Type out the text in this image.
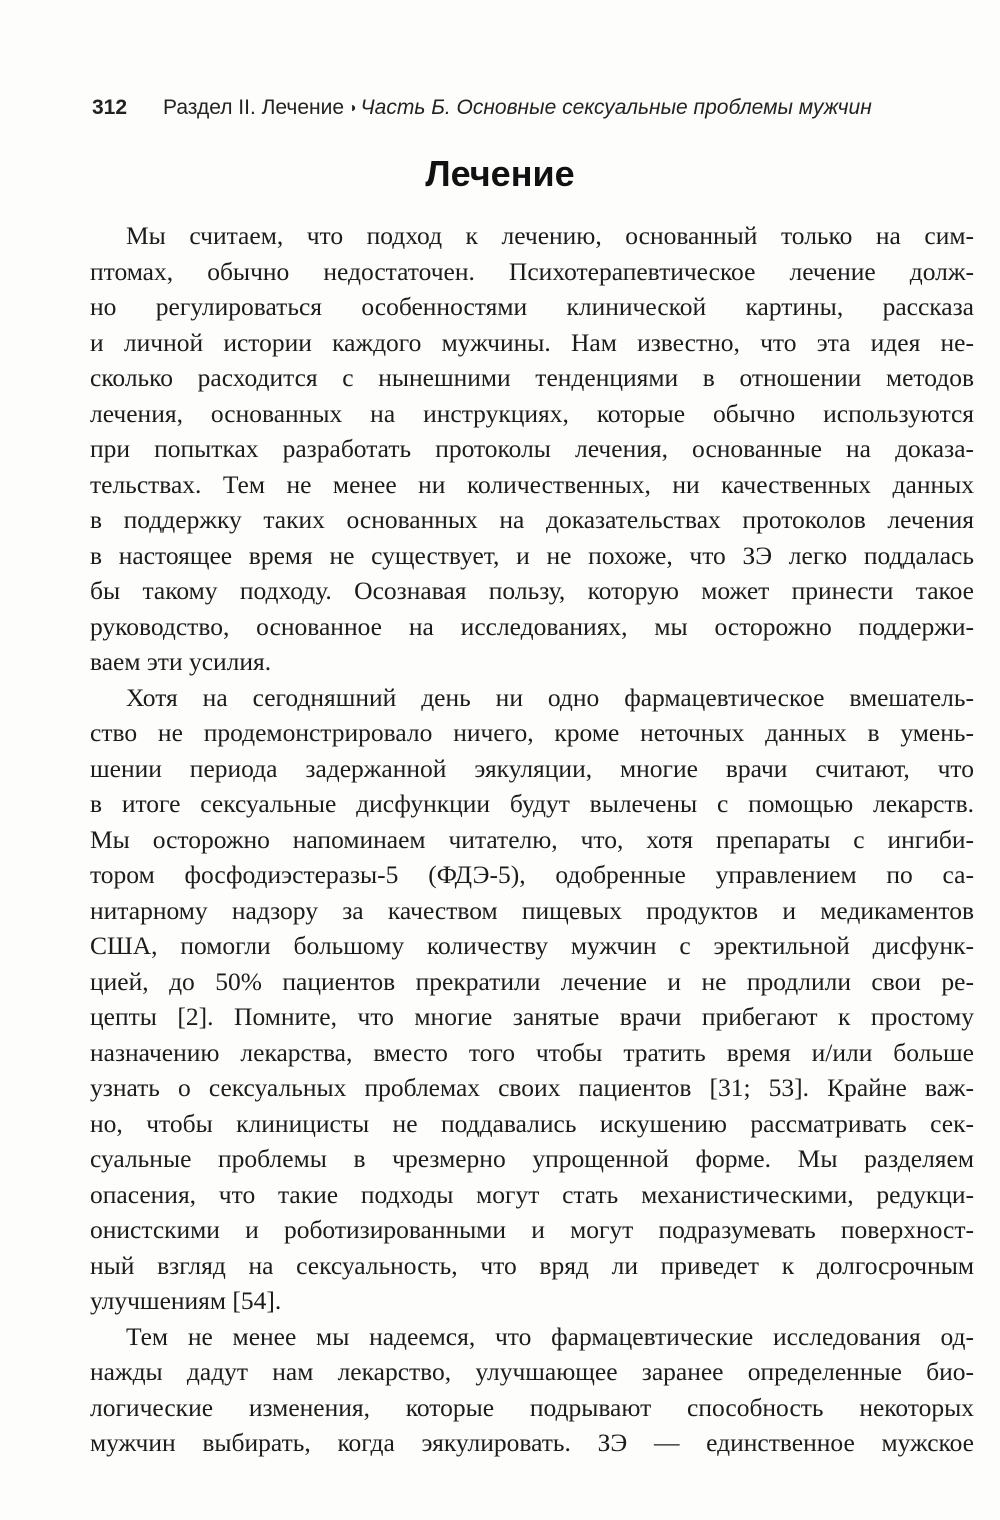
312 Раздел II. Лечение ◑ Часть Б. Основные сексуальные проблемы мужчин
Лечение

Мы считаем, что подход к лечению, основанный только на сим-
птомах, обычно недостаточен. Психотерапевтическое лечение долж-
но регулироваться особенностями клинической картины, рассказа
и личной истории каждого мужчины. Нам известно, что эта идея не-
сколько расходится с нынешними тенденциями в отношении методов
лечения, основанных на инструкциях, которые обычно используются
при попытках разработать протоколы лечения, основанные на доказа-
тельствах. Тем не менее ни количественных, ни качественных данных
в поддержку таких основанных на доказательствах протоколов лечения
в настоящее время не существует, и не похоже, что ЗЭ легко поддалась
бы такому подходу. Осознавая пользу, которую может принести такое
руководство, основанное на исследованиях, мы осторожно поддержи-
ваем эти усилия.

Хотя на сегодняшний день ни одно фармацевтическое вмешатель-
ство не продемонстрировало ничего, кроме неточных данных в умень-
шении периода задержанной эякуляции, многие врачи считают, что
в итоге сексуальные дисфункции будут вылечены с помощью лекарств.
Мы осторожно напоминаем читателю, что, хотя препараты с ингиби-
тором фосфодиэстеразы-5 (ФДЭ-5), одобренные управлением по са-
нитарному надзору за качеством пищевых продуктов и медикаментов
США, помогли большому количеству мужчин с эректильной дисфунк-
цией, до 50% пациентов прекратили лечение и не продлили свои ре-
цепты [2]. Помните, что многие занятые врачи прибегают к простому
назначению лекарства, вместо того чтобы тратить время и/или больше
узнать о сексуальных проблемах своих пациентов [31; 53]. Крайне важ-
но, чтобы клиницисты не поддавались искушению рассматривать сек-
суальные проблемы в чрезмерно упрощенной форме. Мы разделяем
опасения, что такие подходы могут стать механистическими, редукци-
онистскими и роботизированными и могут подразумевать поверхност-
ный взгляд на сексуальность, что вряд ли приведет к долгосрочным
улучшениям [54].

Тем не менее мы надеемся, что фармацевтические исследования од-
нажды дадут нам лекарство, улучшающее заранее определенные био-
логические изменения, которые подрывают способность некоторых
мужчин выбирать, когда эякулировать. ЗЭ — единственное мужское
